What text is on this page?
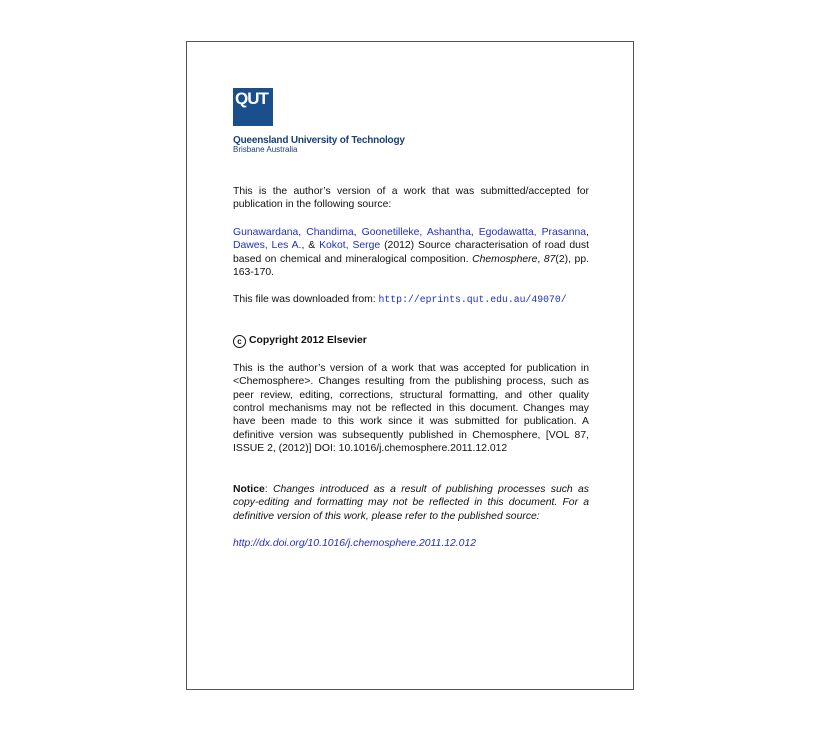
QUT
Queensland University of Technology
Brisbane Australia

This is the author’s version of a work that was submitted/accepted for publication in the following source:

Gunawardana, Chandima, Goonetilleke, Ashantha, Egodawatta, Prasanna, Dawes, Les A., & Kokot, Serge (2012) Source characterisation of road dust based on chemical and mineralogical composition. Chemosphere, 87(2), pp. 163-170.

This file was downloaded from: http://eprints.qut.edu.au/49070/

c Copyright 2012 Elsevier

This is the author’s version of a work that was accepted for publication in <Chemosphere>. Changes resulting from the publishing process, such as peer review, editing, corrections, structural formatting, and other quality control mechanisms may not be reflected in this document. Changes may have been made to this work since it was submitted for publication. A definitive version was subsequently published in Chemosphere, [VOL 87, ISSUE 2, (2012)] DOI: 10.1016/j.chemosphere.2011.12.012

Notice: Changes introduced as a result of publishing processes such as copy-editing and formatting may not be reflected in this document. For a definitive version of this work, please refer to the published source:

http://dx.doi.org/10.1016/j.chemosphere.2011.12.012
